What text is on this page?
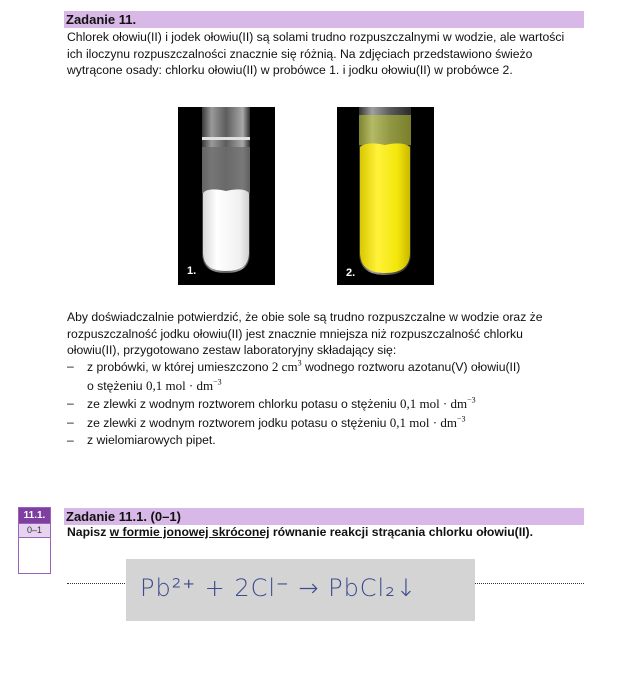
Zadanie 11.

Chlorek ołowiu(II) i jodek ołowiu(II) są solami trudno rozpuszczalnymi w wodzie, ale wartości

ich iloczynu rozpuszczalności znacznie się różnią. Na zdjęciach przedstawiono świeżo

wytrącone osady: chlorku ołowiu(II) w probówce 1. i jodku ołowiu(II) w probówce 2.

1.	2.

Aby doświadczalnie potwierdzić, że obie sole są trudno rozpuszczalne w wodzie oraz że

rozpuszczalność jodku ołowiu(II) jest znacznie mniejsza niż rozpuszczalność chlorku

ołowiu(II), przygotowano zestaw laboratoryjny składający się:

– z probówki, w której umieszczono 2 $cm^3$ wodnego roztworu azotanu(V) ołowiu(II)
o stężeniu 0,1 mol · $dm^{-3}$
– ze zlewki z wodnym roztworem chlorku potasu o stężeniu 0,1 mol · $dm^{-3}$
– ze zlewki z wodnym roztworem jodku potasu o stężeniu 0,1 mol · $dm^{-3}$
– z wielomiarowych pipet.
11.1.
0–1
Zadanie 11.1. (0–1)
Napisz w formie jonowej skróconej równanie reakcji strącania chlorku ołowiu(II).
Pb²⁺ + 2Cl⁻ → PbCl₂↓
